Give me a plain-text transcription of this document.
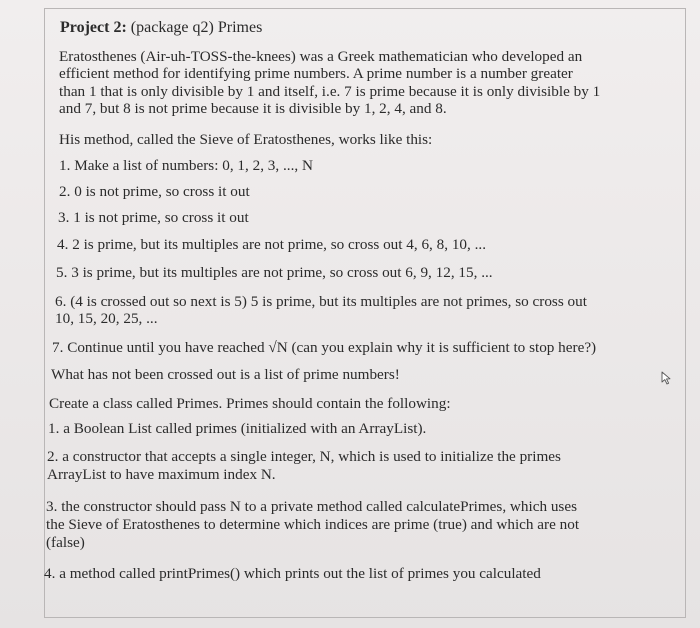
Project 2: (package q2) Primes
Eratosthenes (Air-uh-TOSS-the-knees) was a Greek mathematician who developed an
efficient method for identifying prime numbers. A prime number is a number greater
than 1 that is only divisible by 1 and itself, i.e. 7 is prime because it is only divisible by 1
and 7, but 8 is not prime because it is divisible by 1, 2, 4, and 8.
His method, called the Sieve of Eratosthenes, works like this:
1. Make a list of numbers: 0, 1, 2, 3, ..., N
2. 0 is not prime, so cross it out
3. 1 is not prime, so cross it out
4. 2 is prime, but its multiples are not prime, so cross out 4, 6, 8, 10, ...
5. 3 is prime, but its multiples are not prime, so cross out 6, 9, 12, 15, ...
6. (4 is crossed out so next is 5) 5 is prime, but its multiples are not primes, so cross out
10, 15, 20, 25, ...
7. Continue until you have reached √N (can you explain why it is sufficient to stop here?)
What has not been crossed out is a list of prime numbers!
Create a class called Primes. Primes should contain the following:
1. a Boolean List called primes (initialized with an ArrayList).
2. a constructor that accepts a single integer, N, which is used to initialize the primes
ArrayList to have maximum index N.
3. the constructor should pass N to a private method called calculatePrimes, which uses
the Sieve of Eratosthenes to determine which indices are prime (true) and which are not
(false)
4. a method called printPrimes() which prints out the list of primes you calculated
